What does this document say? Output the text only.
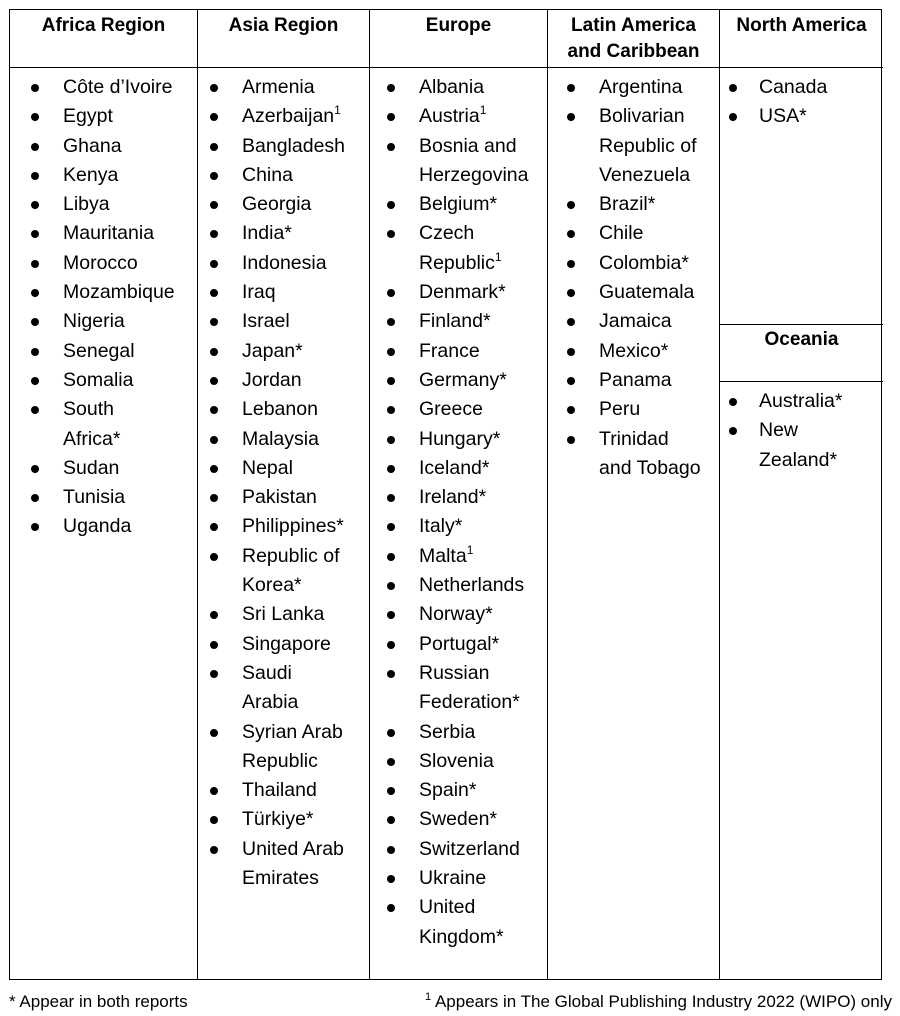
Africa Region
Côte d’Ivoire
Egypt
Ghana
Kenya
Libya
Mauritania
Morocco
Mozambique
Nigeria
Senegal
Somalia
South
Africa*
Sudan
Tunisia
Uganda
Asia Region
Armenia
Azerbaijan$^1$
Bangladesh
China
Georgia
India*
Indonesia
Iraq
Israel
Japan*
Jordan
Lebanon
Malaysia
Nepal
Pakistan
Philippines*
Republic of
Korea*
Sri Lanka
Singapore
Saudi
Arabia
Syrian Arab
Republic
Thailand
Türkiye*
United Arab
Emirates
Europe
Albania
Austria$^1$
Bosnia and
Herzegovina
Belgium*
Czech
Republic$^1$
Denmark*
Finland*
France
Germany*
Greece
Hungary*
Iceland*
Ireland*
Italy*
Malta$^1$
Netherlands
Norway*
Portugal*
Russian
Federation*
Serbia
Slovenia
Spain*
Sweden*
Switzerland
Ukraine
United
Kingdom*
Latin America
and Caribbean
Argentina
Bolivarian
Republic of
Venezuela
Brazil*
Chile
Colombia*
Guatemala
Jamaica
Mexico*
Panama
Peru
Trinidad
and Tobago
North America
Canada
USA*
Oceania
Australia*
New
Zealand*
* Appear in both reports	$^1$ Appears in The Global Publishing Industry 2022 (WIPO) only
